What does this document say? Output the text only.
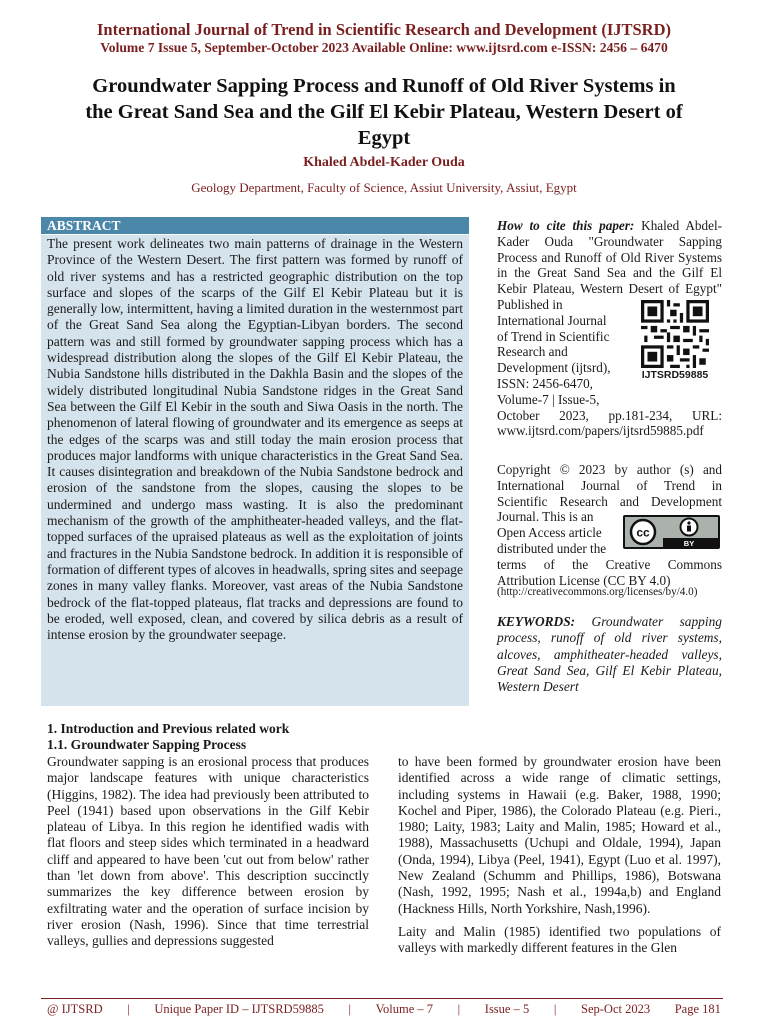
International Journal of Trend in Scientific Research and Development (IJTSRD)
Volume 7 Issue 5, September-October 2023 Available Online: www.ijtsrd.com e-ISSN: 2456 – 6470
Groundwater Sapping Process and Runoff of Old River Systems in the Great Sand Sea and the Gilf El Kebir Plateau, Western Desert of Egypt
Khaled Abdel-Kader Ouda
Geology Department, Faculty of Science, Assiut University, Assiut, Egypt
ABSTRACT
The present work delineates two main patterns of drainage in the Western Province of the Western Desert. The first pattern was formed by runoff of old river systems and has a restricted geographic distribution on the top surface and slopes of the scarps of the Gilf El Kebir Plateau but it is generally low, intermittent, having a limited duration in the westernmost part of the Great Sand Sea along the Egyptian-Libyan borders. The second pattern was and still formed by groundwater sapping process which has a widespread distribution along the slopes of the Gilf El Kebir Plateau, the Nubia Sandstone hills distributed in the Dakhla Basin and the slopes of the widely distributed longitudinal Nubia Sandstone ridges in the Great Sand Sea between the Gilf El Kebir in the south and Siwa Oasis in the north. The phenomenon of lateral flowing of groundwater and its emergence as seeps at the edges of the scarps was and still today the main erosion process that produces major landforms with unique characteristics in the Great Sand Sea. It causes disintegration and breakdown of the Nubia Sandstone bedrock and erosion of the sandstone from the slopes, causing the slopes to be undermined and undergo mass wasting. It is also the predominant mechanism of the growth of the amphitheater-headed valleys, and the flat-topped surfaces of the upraised plateaus as well as the exploitation of joints and fractures in the Nubia Sandstone bedrock. In addition it is responsible of formation of different types of alcoves in headwalls, spring sites and seepage zones in many valley flanks. Moreover, vast areas of the Nubia Sandstone bedrock of the flat-topped plateaus, flat tracks and depressions are found to be eroded, well exposed, clean, and covered by silica debris as a result of intense erosion by the groundwater seepage.
How to cite this paper: Khaled Abdel-Kader Ouda "Groundwater Sapping Process and Runoff of Old River Systems in the Great Sand Sea and the Gilf El Kebir Plateau, Western Desert of Egypt" Published in
International Journal of Trend in Scientific Research and Development (ijtsrd), ISSN: 2456-6470, Volume-7 | Issue-5,
October 2023, pp.181-234, URL: www.ijtsrd.com/papers/ijtsrd59885.pdf
IJTSRD59885
Copyright © 2023 by author (s) and International Journal of Trend in Scientific Research and Development Journal. This is an
Open Access article distributed under the
terms of the Creative Commons Attribution License (CC BY 4.0)
cc
BY
(http://creativecommons.org/licenses/by/4.0)
KEYWORDS: Groundwater sapping process, runoff of old river systems, alcoves, amphitheater-headed valleys, Great Sand Sea, Gilf El Kebir Plateau, Western Desert
1. Introduction and Previous related work
1.1. Groundwater Sapping Process
Groundwater sapping is an erosional process that produces major landscape features with unique characteristics (Higgins, 1982). The idea had previously been attributed to Peel (1941) based upon observations in the Gilf Kebir plateau of Libya. In this region he identified wadis with flat floors and steep sides which terminated in a headward cliff and appeared to have been 'cut out from below' rather than 'let down from above'. This description succinctly summarizes the key difference between erosion by exfiltrating water and the operation of surface incision by river erosion (Nash, 1996). Since that time terrestrial valleys, gullies and depressions suggested

to have been formed by groundwater erosion have been identified across a wide range of climatic settings, including systems in Hawaii (e.g. Baker, 1988, 1990; Kochel and Piper, 1986), the Colorado Plateau (e.g. Pieri., 1980; Laity, 1983; Laity and Malin, 1985; Howard et al., 1988), Massachusetts (Uchupi and Oldale, 1994), Japan (Onda, 1994), Libya (Peel, 1941), Egypt (Luo et al. 1997), New Zealand (Schumm and Phillips, 1986), Botswana (Nash, 1992, 1995; Nash et al., 1994a,b) and England (Hackness Hills, North Yorkshire, Nash,1996).

Laity and Malin (1985) identified two populations of valleys with markedly different features in the Glen

@ IJTSRD | Unique Paper ID – IJTSRD59885 | Volume – 7 | Issue – 5 | Sep-Oct 2023 Page 181
